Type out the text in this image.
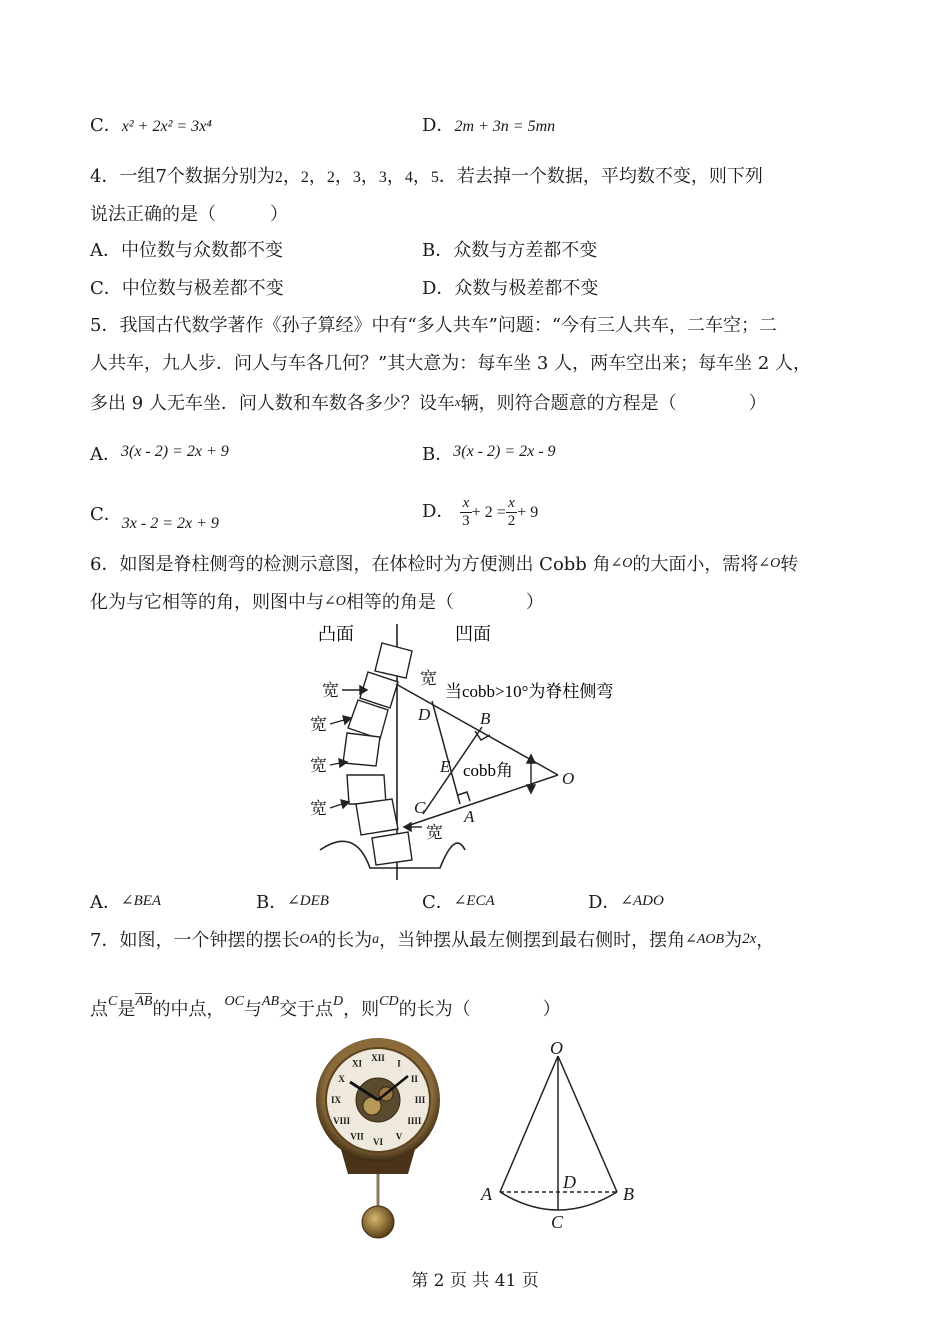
C．x² + 2x² = 3x⁴	D．2m + 3n = 5mn
4．一组7个数据分别为2，2，2，3，3，4，5．若去掉一个数据，平均数不变，则下列
说法正确的是（　　　）
A．中位数与众数都不变	B．众数与方差都不变
C．中位数与极差都不变	D．众数与极差都不变
5．我国古代数学著作《孙子算经》中有“多人共车”问题：“今有三人共车，二车空；二
人共车，九人步．问人与车各几何？”其大意为：每车坐 3 人，两车空出来；每车坐 2 人，
多出 9 人无车坐．问人数和车数各多少？设车x辆，则符合题意的方程是（　　　　）
A．3(x - 2) = 2x + 9	B．3(x - 2) = 2x - 9
C．3x - 2 = 2x + 9
D． $\frac{x}{3} + 2 = \frac{x}{2} + 9$
6．如图是脊柱侧弯的检测示意图，在体检时为方便测出 Cobb 角∠O的大面小，需将∠O转
化为与它相等的角，则图中与∠O相等的角是（　　　　）
宽
宽
宽
宽
宽
宽
凸面	凹面
当cobb>10°为脊柱侧弯
cobb角
D	B
E
C A
O
A．∠BEA	B．∠DEB	C．∠ECA	D．∠ADO
7．如图，一个钟摆的摆长OA的长为a，当钟摆从最左侧摆到最右侧时，摆角∠AOB为2x，
点$^C$是$^{AB}$的中点，$^{OC}$与$^{AB}$交于点$^D$，则$^{CD}$的长为（　　　　）
XII
I
II
III
IIII
V
VI
VII
VIII
IX
X
XI
O
A	B
D
C
第 2 页 共 41 页
